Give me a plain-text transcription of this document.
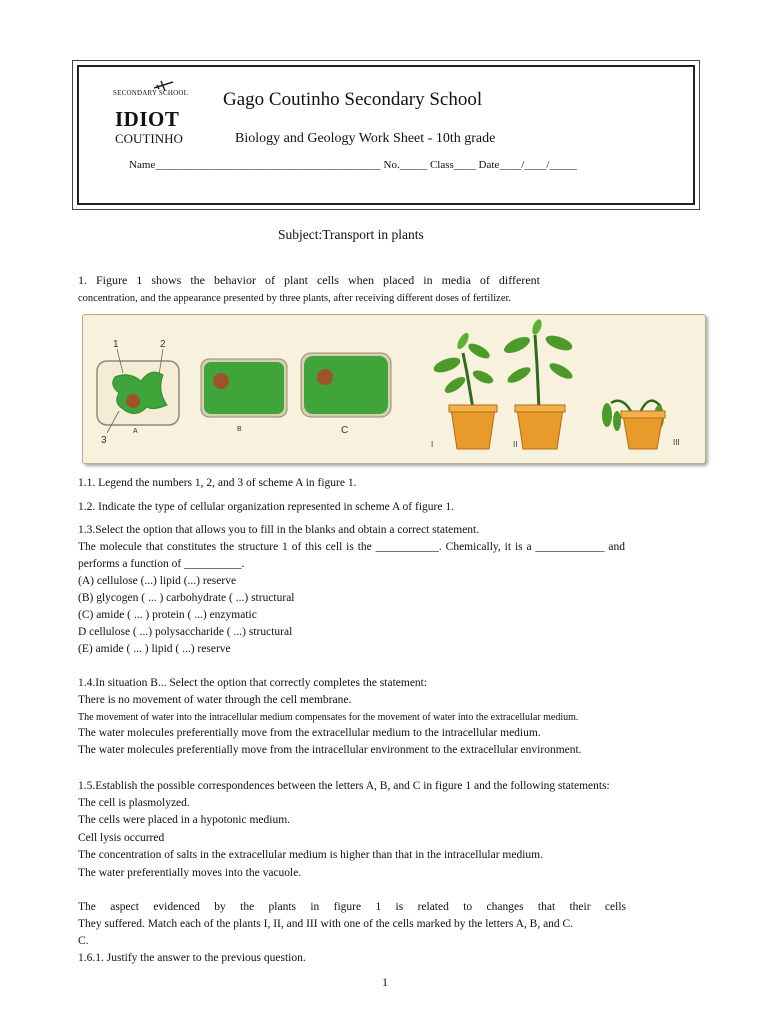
SECONDARY SCHOOL
IDIOT
COUTINHO
Gago Coutinho Secondary School
Biology and Geology Work Sheet - 10th grade
Name_________________________________________ No._____ Class____ Date____/____/_____
Subject:Transport in plants
1. Figure 1 shows the behavior of plant cells when placed in media of different
concentration, and the appearance presented by three plants, after receiving different doses of fertilizer.
1	2
3
A	B	C
I	II	III
1.1. Legend the numbers 1, 2, and 3 of scheme A in figure 1.
1.2. Indicate the type of cellular organization represented in scheme A of figure 1.
1.3.Select the option that allows you to fill in the blanks and obtain a correct statement.
The molecule that constitutes the structure 1 of this cell is the ___________. Chemically, it is a ____________ and
performs a function of __________.
(A) cellulose (...) lipid (...) reserve
(B) glycogen ( ... ) carbohydrate ( ...) structural
(C) amide ( ... ) protein ( ...) enzymatic
D cellulose ( ...) polysaccharide ( ...) structural
(E) amide ( ... ) lipid ( ...) reserve
1.4.In situation B... Select the option that correctly completes the statement:
There is no movement of water through the cell membrane.
The movement of water into the intracellular medium compensates for the movement of water into the extracellular medium.
The water molecules preferentially move from the extracellular medium to the intracellular medium.
The water molecules preferentially move from the intracellular environment to the extracellular environment.
1.5.Establish the possible correspondences between the letters A, B, and C in figure 1 and the following statements:
The cell is plasmolyzed.
The cells were placed in a hypotonic medium.
Cell lysis occurred
The concentration of salts in the extracellular medium is higher than that in the intracellular medium.
The water preferentially moves into the vacuole.
The aspect evidenced by the plants in figure 1 is related to changes that their cells
They suffered. Match each of the plants I, II, and III with one of the cells marked by the letters A, B, and C.
C.
1.6.1. Justify the answer to the previous question.
1
